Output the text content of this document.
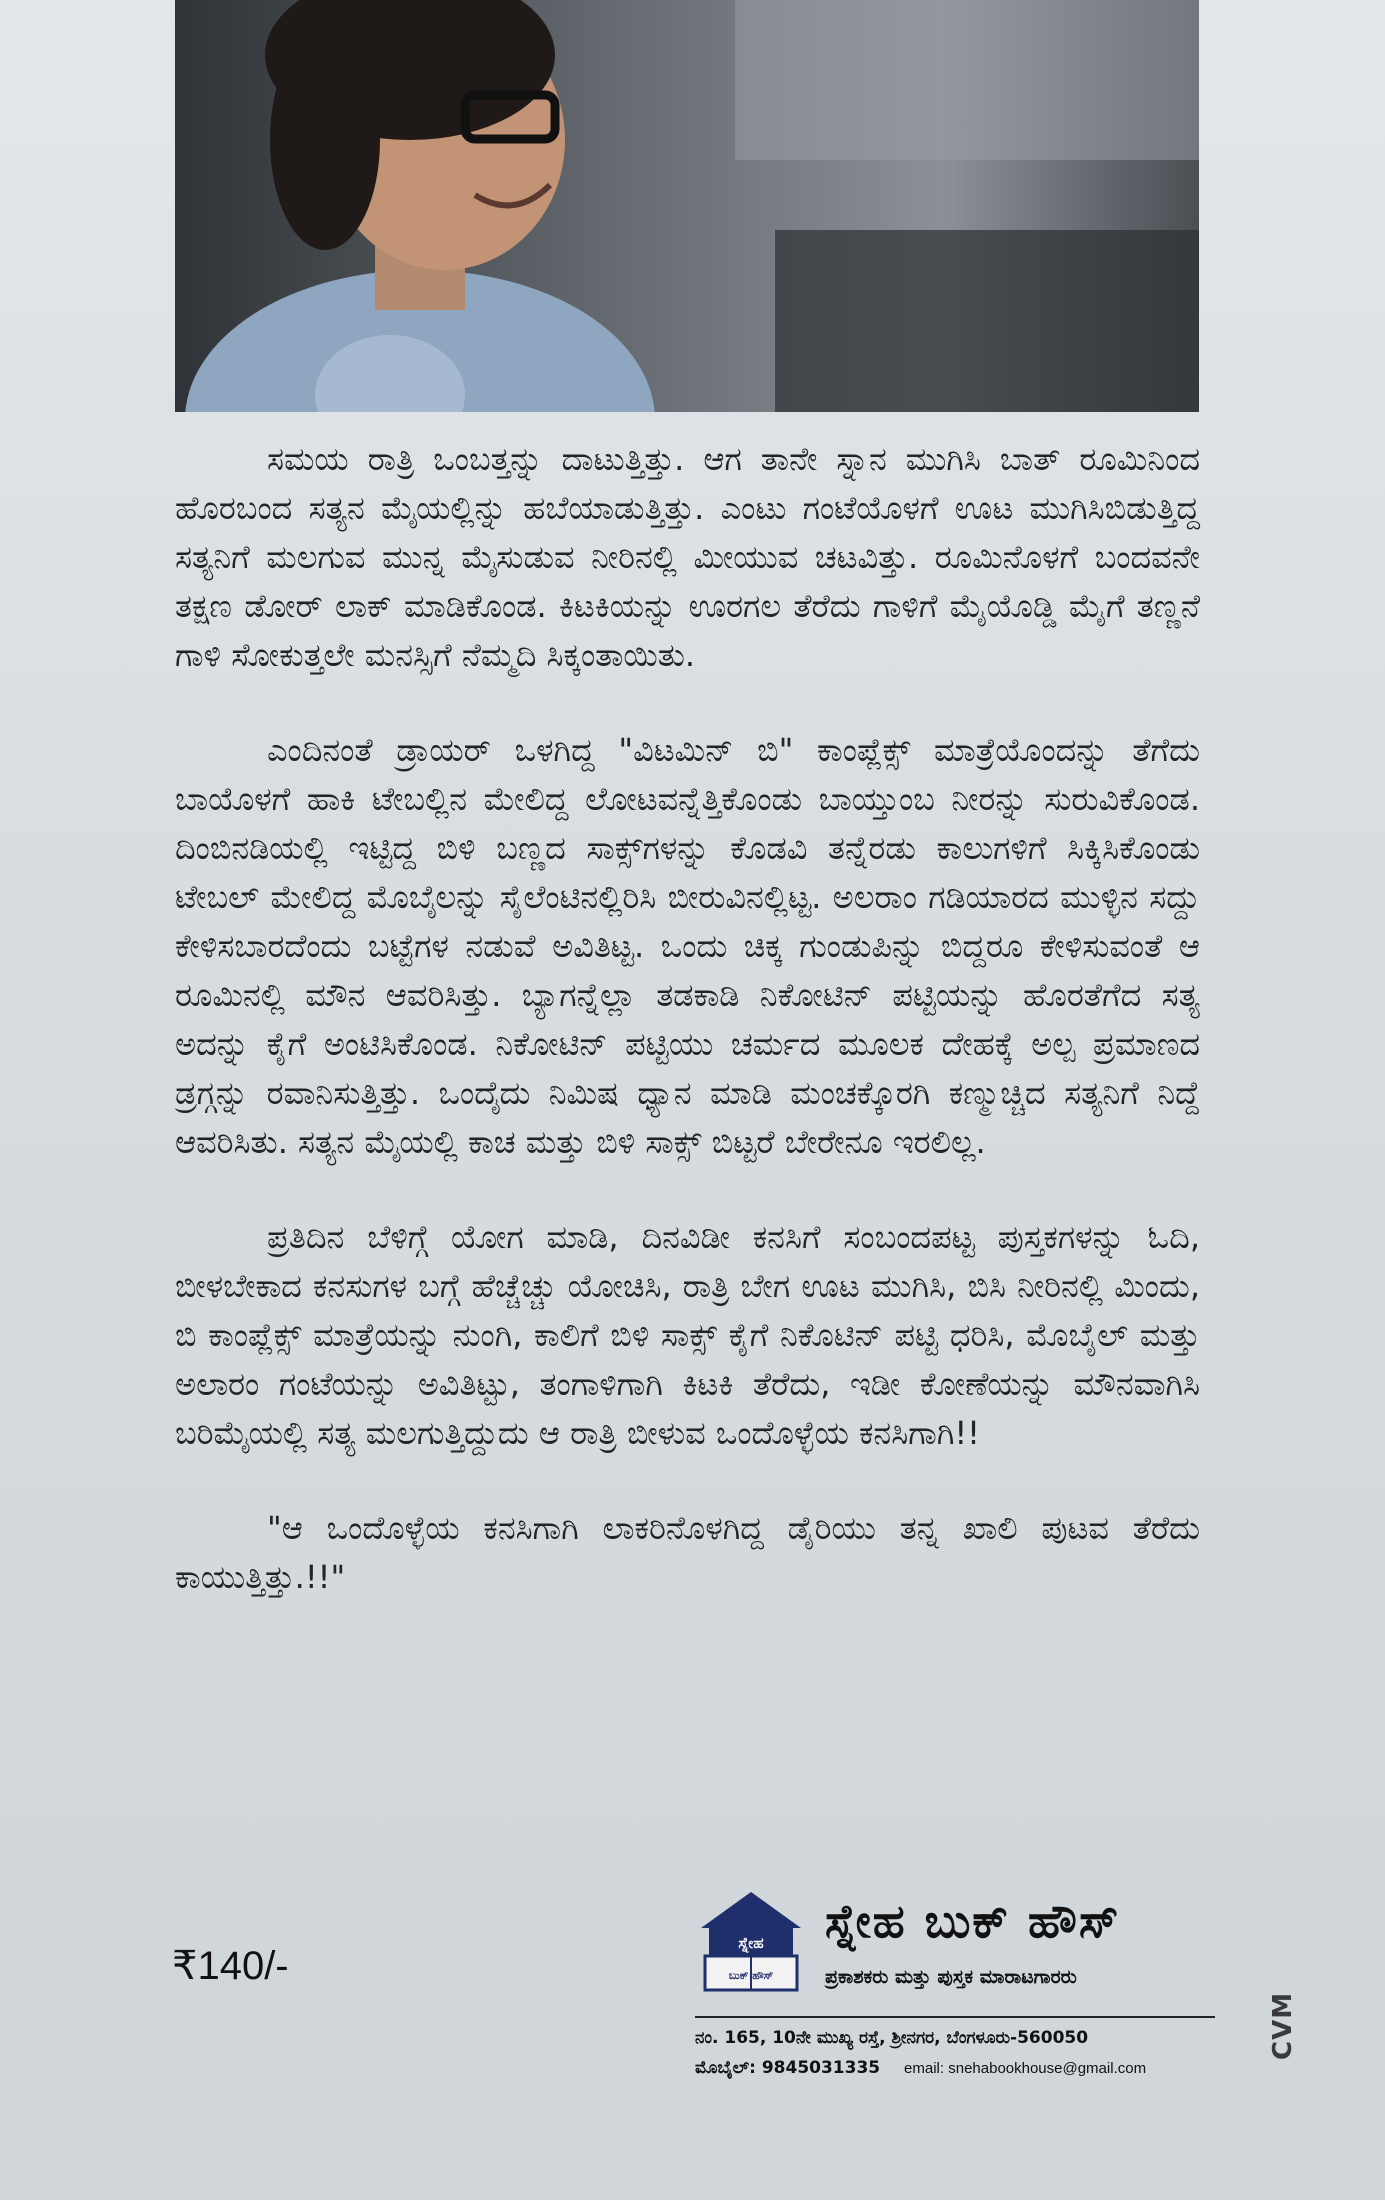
ಸಮಯ ರಾತ್ರಿ ಒಂಬತ್ತನ್ನು ದಾಟುತ್ತಿತ್ತು. ಆಗ ತಾನೇ ಸ್ನಾನ ಮುಗಿಸಿ ಬಾತ್ ರೂಮಿನಿಂದ ಹೊರಬಂದ ಸತ್ಯನ ಮೈಯಲ್ಲಿನ್ನು ಹಬೆಯಾಡುತ್ತಿತ್ತು. ಎಂಟು ಗಂಟೆಯೊಳಗೆ ಊಟ ಮುಗಿಸಿಬಿಡುತ್ತಿದ್ದ ಸತ್ಯನಿಗೆ ಮಲಗುವ ಮುನ್ನ ಮೈಸುಡುವ ನೀರಿನಲ್ಲಿ ಮೀಯುವ ಚಟವಿತ್ತು. ರೂಮಿನೊಳಗೆ ಬಂದವನೇ ತಕ್ಷಣ ಡೋರ್ ಲಾಕ್ ಮಾಡಿಕೊಂಡ. ಕಿಟಕಿಯನ್ನು ಊರಗಲ ತೆರೆದು ಗಾಳಿಗೆ ಮೈಯೊಡ್ಡಿ ಮೈಗೆ ತಣ್ಣನೆ ಗಾಳಿ ಸೋಕುತ್ತಲೇ ಮನಸ್ಸಿಗೆ ನೆಮ್ಮದಿ ಸಿಕ್ಕಂತಾಯಿತು.

ಎಂದಿನಂತೆ ಡ್ರಾಯರ್ ಒಳಗಿದ್ದ "ವಿಟಮಿನ್ ಬಿ" ಕಾಂಪ್ಲೆಕ್ಸ್ ಮಾತ್ರೆಯೊಂದನ್ನು ತೆಗೆದು ಬಾಯೊಳಗೆ ಹಾಕಿ ಟೇಬಲ್ಲಿನ ಮೇಲಿದ್ದ ಲೋಟವನ್ನೆತ್ತಿಕೊಂಡು ಬಾಯ್ತುಂಬ ನೀರನ್ನು ಸುರುವಿಕೊಂಡ. ದಿಂಬಿನಡಿಯಲ್ಲಿ ಇಟ್ಟಿದ್ದ ಬಿಳಿ ಬಣ್ಣದ ಸಾಕ್ಸ್‌ಗಳನ್ನು ಕೊಡವಿ ತನ್ನೆರಡು ಕಾಲುಗಳಿಗೆ ಸಿಕ್ಕಿಸಿಕೊಂಡು ಟೇಬಲ್ ಮೇಲಿದ್ದ ಮೊಬೈಲನ್ನು ಸೈಲೆಂಟಿನಲ್ಲಿರಿಸಿ ಬೀರುವಿನಲ್ಲಿಟ್ಟ. ಅಲರಾಂ ಗಡಿಯಾರದ ಮುಳ್ಳಿನ ಸದ್ದು ಕೇಳಿಸಬಾರದೆಂದು ಬಟ್ಟೆಗಳ ನಡುವೆ ಅವಿತಿಟ್ಟ. ಒಂದು ಚಿಕ್ಕ ಗುಂಡುಪಿನ್ನು ಬಿದ್ದರೂ ಕೇಳಿಸುವಂತೆ ಆ ರೂಮಿನಲ್ಲಿ ಮೌನ ಆವರಿಸಿತ್ತು. ಬ್ಯಾಗನ್ನೆಲ್ಲಾ ತಡಕಾಡಿ ನಿಕೋಟಿನ್ ಪಟ್ಟಿಯನ್ನು ಹೊರತೆಗೆದ ಸತ್ಯ ಅದನ್ನು ಕೈಗೆ ಅಂಟಿಸಿಕೊಂಡ. ನಿಕೋಟಿನ್ ಪಟ್ಟಿಯು ಚರ್ಮದ ಮೂಲಕ ದೇಹಕ್ಕೆ ಅಲ್ಪ ಪ್ರಮಾಣದ ಡ್ರಗ್ಗನ್ನು ರವಾನಿಸುತ್ತಿತ್ತು. ಒಂದೈದು ನಿಮಿಷ ಧ್ಯಾನ ಮಾಡಿ ಮಂಚಕ್ಕೊರಗಿ ಕಣ್ಮುಚ್ಚಿದ ಸತ್ಯನಿಗೆ ನಿದ್ದೆ ಆವರಿಸಿತು. ಸತ್ಯನ ಮೈಯಲ್ಲಿ ಕಾಚ ಮತ್ತು ಬಿಳಿ ಸಾಕ್ಸ್ ಬಿಟ್ಟರೆ ಬೇರೇನೂ ಇರಲಿಲ್ಲ.

ಪ್ರತಿದಿನ ಬೆಳಿಗ್ಗೆ ಯೋಗ ಮಾಡಿ, ದಿನವಿಡೀ ಕನಸಿಗೆ ಸಂಬಂದಪಟ್ಟ ಪುಸ್ತಕಗಳನ್ನು ಓದಿ, ಬೀಳಬೇಕಾದ ಕನಸುಗಳ ಬಗ್ಗೆ ಹೆಚ್ಚೆಚ್ಚು ಯೋಚಿಸಿ, ರಾತ್ರಿ ಬೇಗ ಊಟ ಮುಗಿಸಿ, ಬಿಸಿ ನೀರಿನಲ್ಲಿ ಮಿಂದು, ಬಿ ಕಾಂಪ್ಲೆಕ್ಸ್ ಮಾತ್ರೆಯನ್ನು ನುಂಗಿ, ಕಾಲಿಗೆ ಬಿಳಿ ಸಾಕ್ಸ್ ಕೈಗೆ ನಿಕೊಟಿನ್ ಪಟ್ಟಿ ಧರಿಸಿ, ಮೊಬೈಲ್ ಮತ್ತು ಅಲಾರಂ ಗಂಟೆಯನ್ನು ಅವಿತಿಟ್ಟು, ತಂಗಾಳಿಗಾಗಿ ಕಿಟಕಿ ತೆರೆದು, ಇಡೀ ಕೋಣೆಯನ್ನು ಮೌನವಾಗಿಸಿ ಬರಿಮೈಯಲ್ಲಿ ಸತ್ಯ ಮಲಗುತ್ತಿದ್ದುದು ಆ ರಾತ್ರಿ ಬೀಳುವ ಒಂದೊಳ್ಳೆಯ ಕನಸಿಗಾಗಿ!!

"ಆ ಒಂದೊಳ್ಳೆಯ ಕನಸಿಗಾಗಿ ಲಾಕರಿನೊಳಗಿದ್ದ ಡೈರಿಯು ತನ್ನ ಖಾಲಿ ಪುಟವ ತೆರೆದು ಕಾಯುತ್ತಿತ್ತು.!!"

₹140/-
ಸ್ನೇಹ
ಬುಕ್ ಹೌಸ್
ಸ್ನೇಹ ಬುಕ್ ಹೌಸ್
ಪ್ರಕಾಶಕರು ಮತ್ತು ಪುಸ್ತಕ ಮಾರಾಟಗಾರರು
ನಂ. 165, 10ನೇ ಮುಖ್ಯ ರಸ್ತೆ, ಶ್ರೀನಗರ, ಬೆಂಗಳೂರು-560050
ಮೊಬೈಲ್: 9845031335 email: snehabookhouse@gmail.com
CVM
